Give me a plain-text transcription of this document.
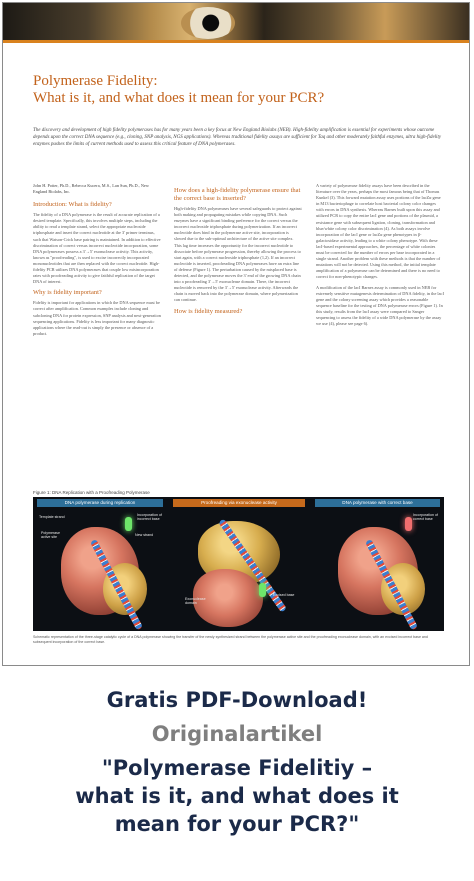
Polymerase Fidelity:
What is it, and what does it mean for your PCR?

The discovery and development of high fidelity polymerases has for many years been a key focus at New England Biolabs (NEB). High-fidelity amplification is essential for experiments whose outcome depends upon the correct DNA sequence (e.g., cloning, SNP analysis, NGS applications). Whereas traditional fidelity assays are sufficient for Taq and other moderately faithful enzymes, ultra high-fidelity enzymes pushes the limits of current methods used to assess this critical feature of DNA polymerases.

John H. Potter, Ph.D., Rebecca Kucera, M.S., Lan Sun, Ph.D., New England Biolabs, Inc.

Introduction: What is fidelity?

The fidelity of a DNA polymerase is the result of accurate replication of a desired template. Specifically, this involves multiple steps, including the ability to read a template strand, select the appropriate nucleoside triphosphate and insert the correct nucleotide at the 3' primer terminus, such that Watson-Crick base pairing is maintained. In addition to effective discrimination of correct versus incorrect nucleotide incorporation, some DNA polymerases possess a 3'→5' exonuclease activity. This activity, known as "proofreading", is used to excise incorrectly incorporated mononucleotides that are then replaced with the correct nucleotide. High-fidelity PCR utilizes DNA polymerases that couple low misincorporation rates with proofreading activity to give faithful replication of the target DNA of interest.

Why is fidelity important?

Fidelity is important for applications in which the DNA sequence must be correct after amplification. Common examples include cloning and subcloning DNA for protein expression, SNP analysis and next-generation sequencing applications. Fidelity is less important for many diagnostic applications where the read-out is simply the presence or absence of a product.

How does a high-fidelity polymerase ensure that the correct base is inserted?

High-fidelity DNA polymerases have several safeguards to protect against both making and propagating mistakes while copying DNA. Such enzymes have a significant binding preference for the correct versus the incorrect nucleoside triphosphate during polymerization. If an incorrect nucleotide does bind in the polymerase active site, incorporation is slowed due to the sub-optimal architecture of the active site complex. This lag time increases the opportunity for the incorrect nucleotide to dissociate before polymerase progression, thereby allowing the process to start again, with a correct nucleoside triphosphate (1,2). If an incorrect nucleotide is inserted, proofreading DNA polymerases have an extra line of defense (Figure 1). The perturbation caused by the misplaced base is detected, and the polymerase moves the 3' end of the growing DNA chain into a proofreading 3'→5' exonuclease domain. There, the incorrect nucleotide is removed by the 3'→5' exonuclease activity. Afterwards the chain is moved back into the polymerase domain, where polymerization can continue.

How is fidelity measured?

A variety of polymerase fidelity assays have been described in the literature over the years, perhaps the most famous being that of Thomas Kunkel (3). This forward mutation assay uses portions of the lacZα gene in M13 bacteriophage to correlate host bacterial colony color changes with errors in DNA synthesis. Whereas Barnes built upon this assay and utilized PCR to copy the entire lacI gene and portions of the plasmid, a resistance gene with subsequent ligation, cloning, transformation and blue/white colony color discrimination (4). As both assays involve incorporation of the lacI gene or lacZα gene phenotypes in β-galactosidase activity, leading to a white colony phenotype. With these lacI-based experimental approaches, the percentage of white colonies must be corrected for the number of errors per base incorporated in a single strand. Another problem with these methods is that the number of mutations will not be detected. Using this method, the initial template amplification of a polymerase can be determined and there is no need to correct for non-phenotypic changes.

A modification of the lacI Barnes assay is commonly used in NEB for extremely sensitive mutagenesis determination of DNA fidelity, in the lacI gene and the colony screening assay which provides a reasonable sequence baseline for the testing of DNA polymerase errors (Figure 1). In this study, results from the lacI assay were compared to Sanger sequencing to assess the fidelity of a wide DNA polymerase by the assay we use (4), please see page 6).

Figure 1: DNA Replication with a Proofreading Polymerase
DNA polymerase during replication	Proofreading via exonuclease activity	DNA polymerase with correct base
Template strand
Polymerase active site
New strand
Incorporation of incorrect base
Excised base
Exonuclease domain
Incorporation of correct base
Schematic representation of the three-stage catalytic cycle of a DNA polymerase showing the transfer of the newly synthesized strand between the polymerase active site and the proofreading exonuclease domain, with an excised incorrect base and subsequent incorporation of the correct base.
Gratis PDF-Download!
Originalartikel
"Polymerase Fidelitiy –
what is it, and what does it
mean for your PCR?"
